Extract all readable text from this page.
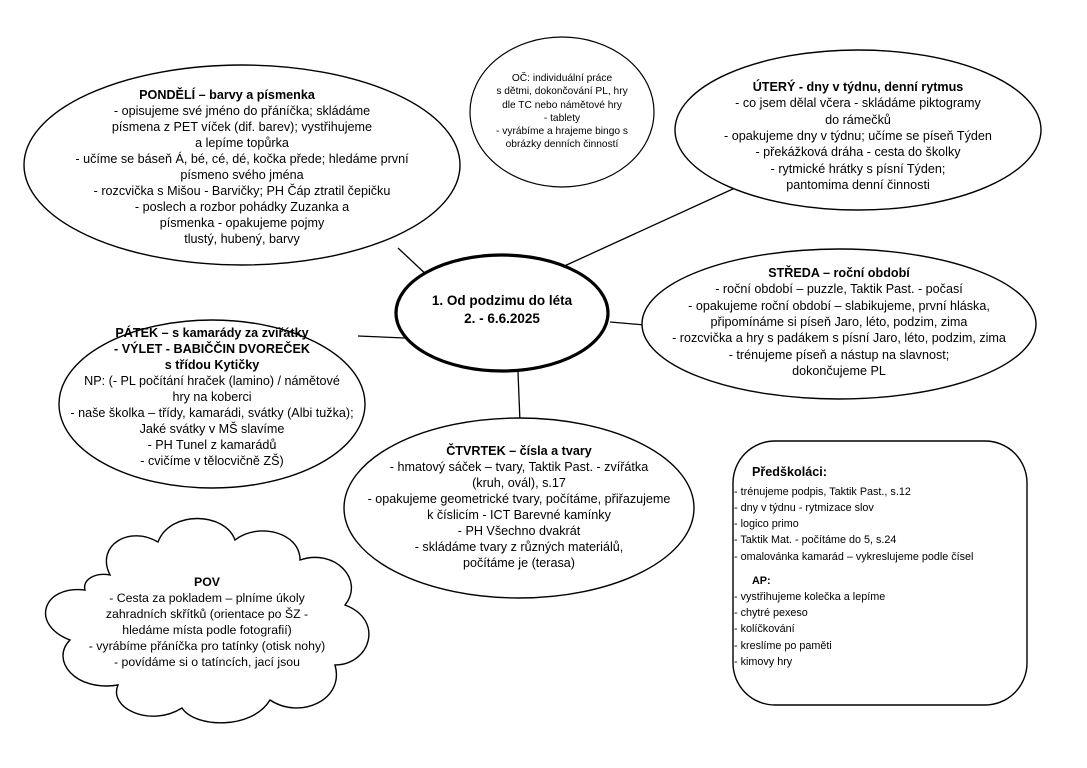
1. Od podzimu do léta
2. - 6.6.2025
OČ: individuální práce
s dětmi, dokončování PL, hry
dle TC nebo námětové hry
- tablety
- vyrábíme a hrajeme bingo s
obrázky denních činností
PONDĚLÍ – barvy a písmenka
- opisujeme své jméno do přáníčka; skládáme
písmena z PET víček (dif. barev); vystřihujeme
a lepíme topůrka
- učíme se báseň Á, bé, cé, dé, kočka přede; hledáme první
písmeno svého jména
- rozcvička s Mišou - Barvičky; PH Čáp ztratil čepičku
- poslech a rozbor pohádky Zuzanka a
písmenka - opakujeme pojmy
tlustý, hubený, barvy
ÚTERÝ - dny v týdnu, denní rytmus
- co jsem dělal včera - skládáme piktogramy
do rámečků
- opakujeme dny v týdnu; učíme se píseň Týden
- překážková dráha - cesta do školky
- rytmické hrátky s písní Týden;
pantomima denní činnosti
STŘEDA – roční období
- roční období – puzzle, Taktik Past. - počasí
- opakujeme roční období – slabikujeme, první hláska,
připomínáme si píseň Jaro, léto, podzim, zima
- rozcvička a hry s padákem s písní Jaro, léto, podzim, zima
- trénujeme píseň a nástup na slavnost;
dokončujeme PL
PÁTEK – s kamarády za zvířátky
- VÝLET - BABIČČIN DVOREČEK
s třídou Kytičky
NP: (- PL počítání hraček (lamino) / námětové
hry na koberci
- naše školka – třídy, kamarádi, svátky (Albi tužka);
Jaké svátky v MŠ slavíme
- PH Tunel z kamarádů
- cvičíme v tělocvičně ZŠ)
ČTVRTEK – čísla a tvary
- hmatový sáček – tvary, Taktik Past. - zvířátka
(kruh, ovál), s.17
- opakujeme geometrické tvary, počítáme, přiřazujeme
k číslicím - ICT Barevné kamínky
- PH Všechno dvakrát
- skládáme tvary z různých materiálů,
počítáme je (terasa)
POV
- Cesta za pokladem – plníme úkoly
zahradních skřítků (orientace po ŠZ -
hledáme místa podle fotografií)
- vyrábíme přáníčka pro tatínky (otisk nohy)
- povídáme si o tatíncích, jací jsou
Předškoláci:
- trénujeme podpis, Taktik Past., s.12
- dny v týdnu - rytmizace slov
- logico primo
- Taktik Mat. - počítáme do 5, s.24
- omalovánka kamarád – vykreslujeme podle čísel
AP:
- vystřihujeme kolečka a lepíme
- chytré pexeso
- kolíčkování
- kreslíme po paměti
- kimovy hry
